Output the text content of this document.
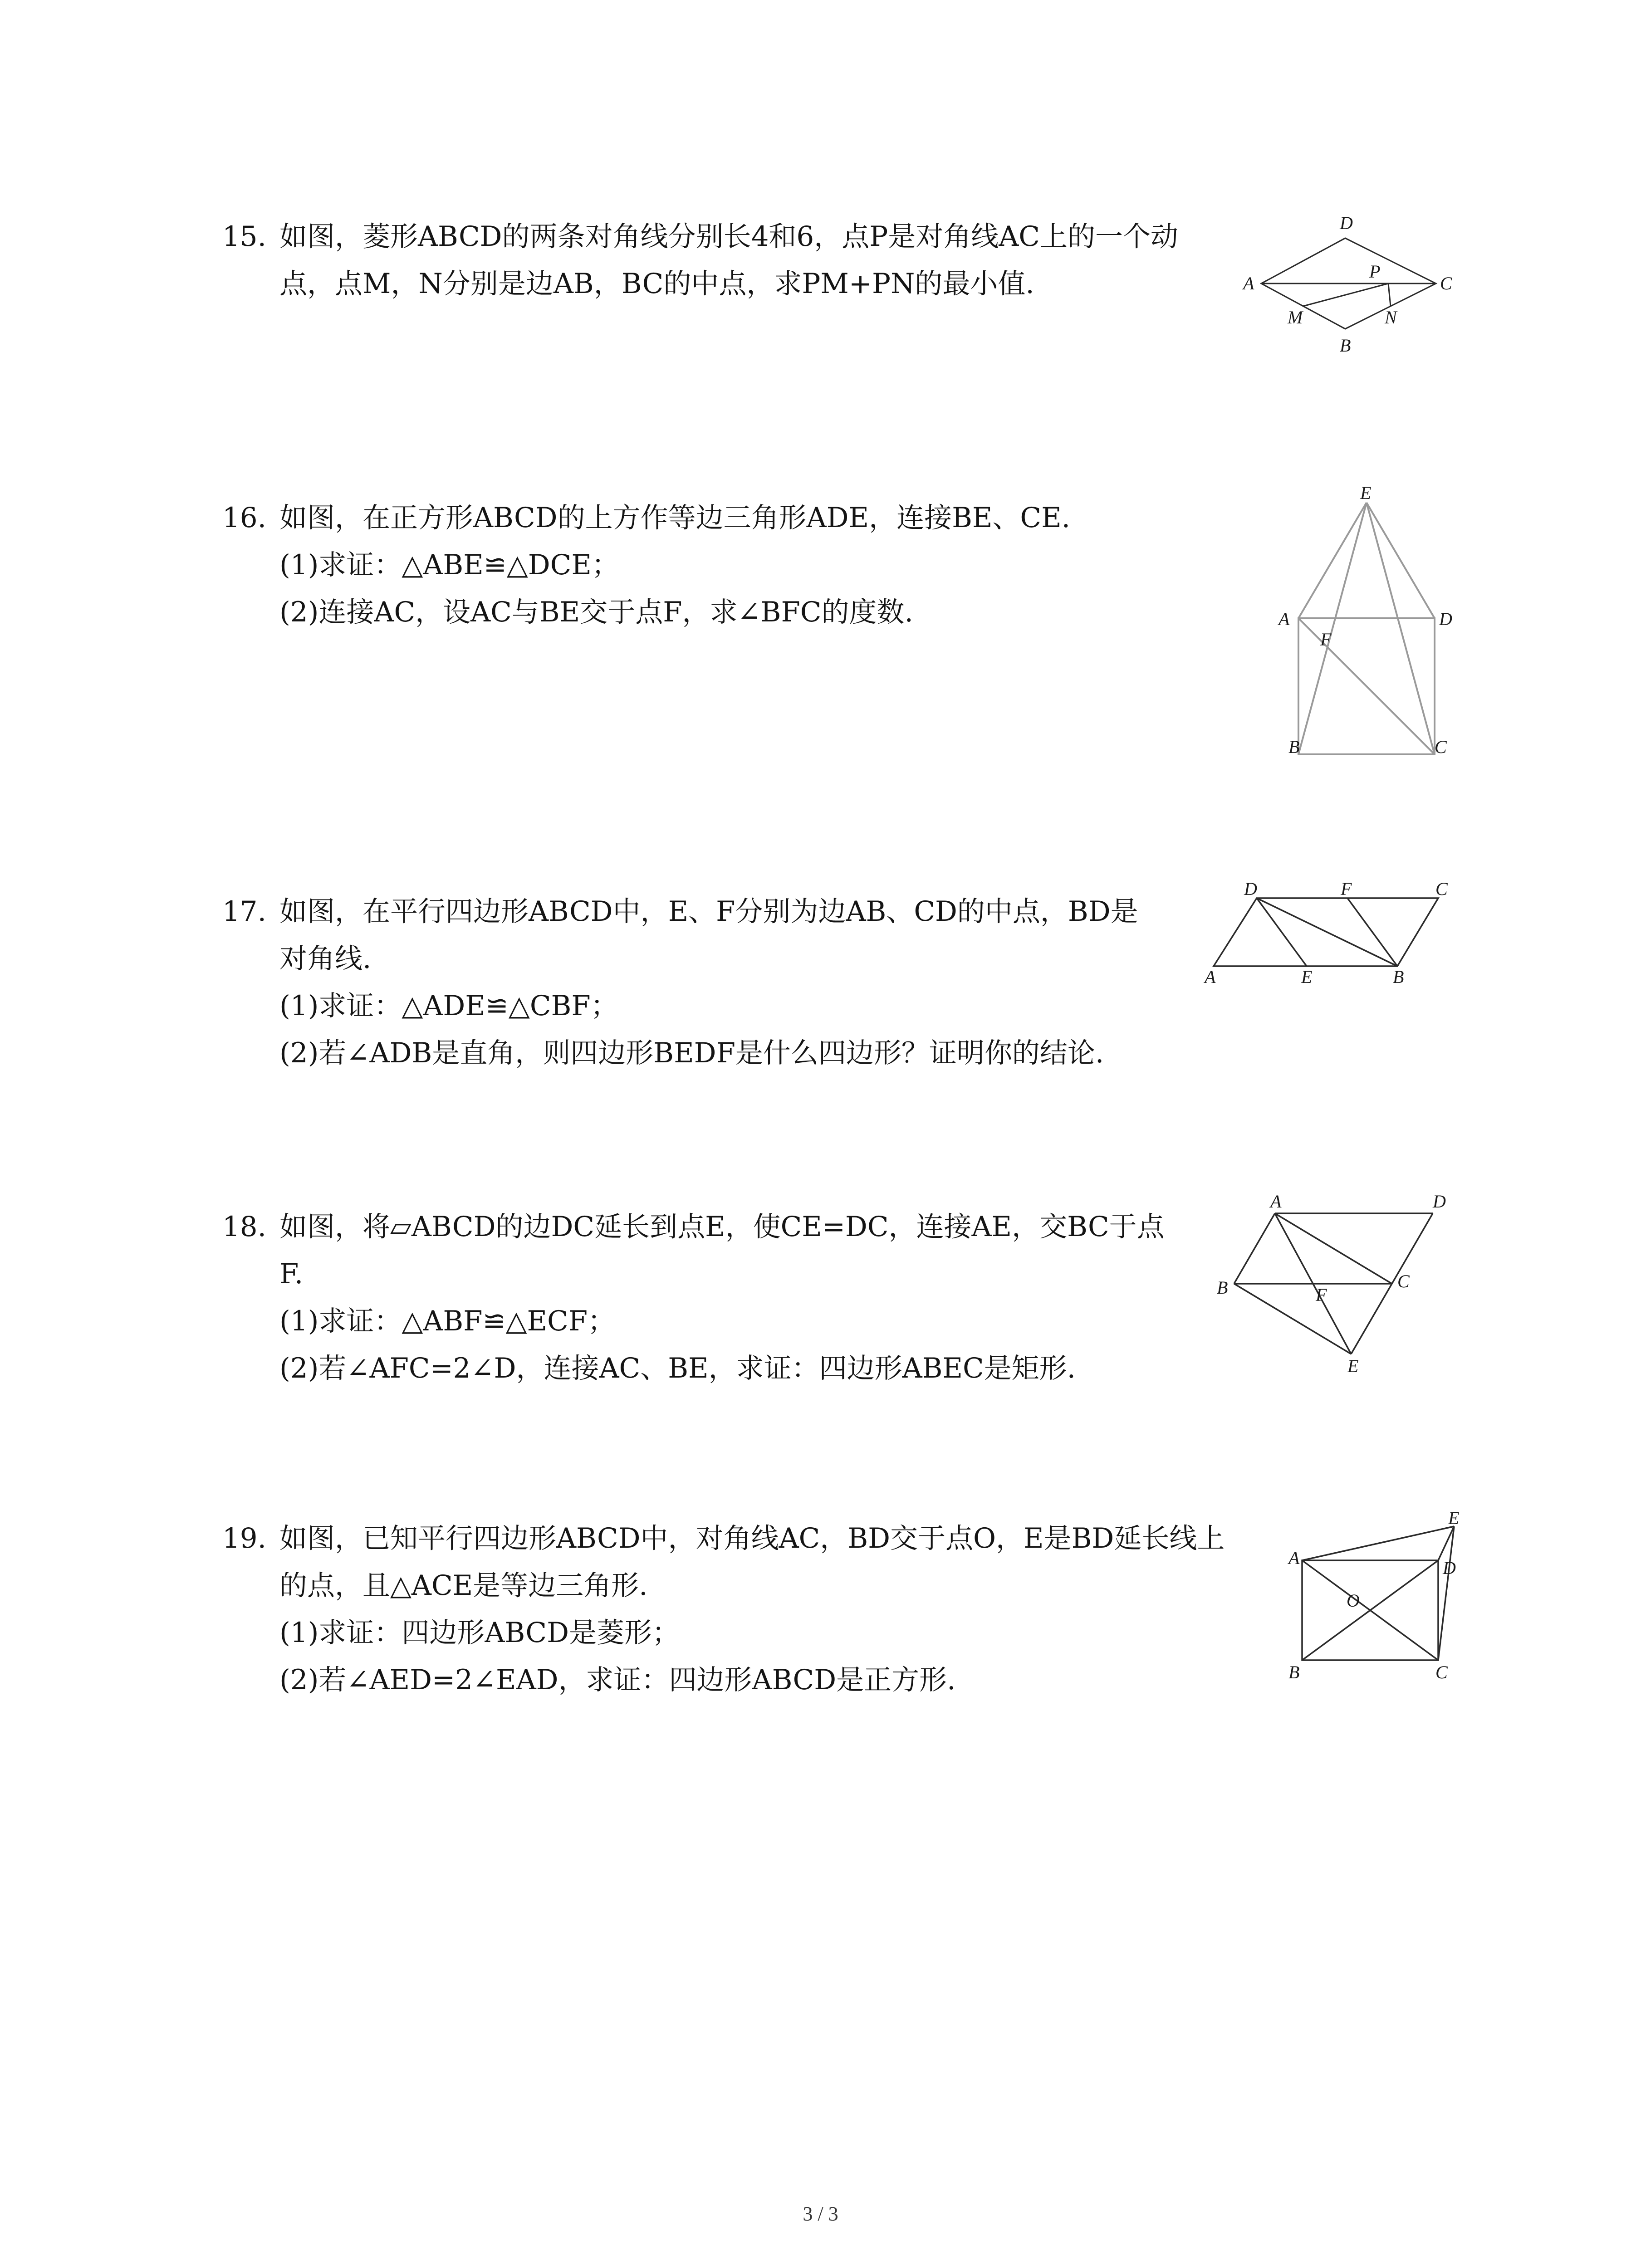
15. 如图，菱形ABCD的两条对角线分别长4和6，点P是对角线AC上的一个动
点，点M，N分别是边AB，BC的中点，求PM+PN的最小值.
D
A
P
C
M	N
B
16. 如图，在正方形ABCD的上方作等边三角形ADE，连接BE、CE.
(1)求证：△ABE≌△DCE；
(2)连接AC，设AC与BE交于点F，求∠BFC的度数.
E
A	D
F
B	C
17. 如图，在平行四边形ABCD中，E、F分别为边AB、CD的中点，BD是
对角线.
(1)求证：△ADE≌△CBF；
(2)若∠ADB是直角，则四边形BEDF是什么四边形？证明你的结论.
D	F	C
A	E	B
18. 如图，将▱ABCD的边DC延长到点E，使CE=DC，连接AE，交BC于点
F.
(1)求证：△ABF≌△ECF；
(2)若∠AFC=2∠D，连接AC、BE，求证：四边形ABEC是矩形.
A	D
B	F
C
E
19. 如图，已知平行四边形ABCD中，对角线AC，BD交于点O，E是BD延长线上
的点，且△ACE是等边三角形.
(1)求证：四边形ABCD是菱形；
(2)若∠AED=2∠EAD，求证：四边形ABCD是正方形.
A
E
D
O
B	C
3 / 3
